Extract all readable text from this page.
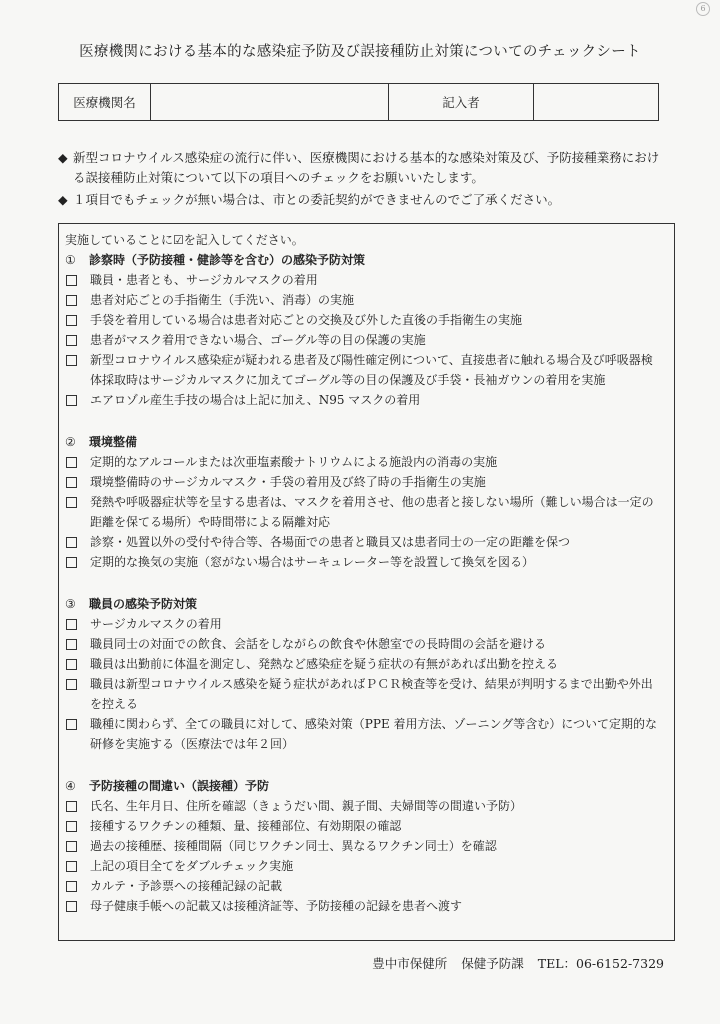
6
医療機関における基本的な感染症予防及び誤接種防止対策についてのチェックシート
医療機関名	記入者
◆ 新型コロナウイルス感染症の流行に伴い、医療機関における基本的な感染対策及び、予防接種業務における誤接種防止対策について以下の項目へのチェックをお願いいたします。
◆ １項目でもチェックが無い場合は、市との委託契約ができませんのでご了承ください。
実施していることに☑を記入してください。
①	診察時（予防接種・健診等を含む）の感染予防対策
職員・患者とも、サージカルマスクの着用
患者対応ごとの手指衛生（手洗い、消毒）の実施
手袋を着用している場合は患者対応ごとの交換及び外した直後の手指衛生の実施
患者がマスク着用できない場合、ゴーグル等の目の保護の実施
新型コロナウイルス感染症が疑われる患者及び陽性確定例について、直接患者に触れる場合及び呼吸器検体採取時はサージカルマスクに加えてゴーグル等の目の保護及び手袋・長袖ガウンの着用を実施
エアロゾル産生手技の場合は上記に加え、N95 マスクの着用
②	環境整備
定期的なアルコールまたは次亜塩素酸ナトリウムによる施設内の消毒の実施
環境整備時のサージカルマスク・手袋の着用及び終了時の手指衛生の実施
発熱や呼吸器症状等を呈する患者は、マスクを着用させ、他の患者と接しない場所（難しい場合は一定の距離を保てる場所）や時間帯による隔離対応
診察・処置以外の受付や待合等、各場面での患者と職員又は患者同士の一定の距離を保つ
定期的な換気の実施（窓がない場合はサーキュレーター等を設置して換気を図る）
③	職員の感染予防対策
サージカルマスクの着用
職員同士の対面での飲食、会話をしながらの飲食や休憩室での長時間の会話を避ける
職員は出勤前に体温を測定し、発熱など感染症を疑う症状の有無があれば出勤を控える
職員は新型コロナウイルス感染を疑う症状があればＰＣＲ検査等を受け、結果が判明するまで出勤や外出を控える
職種に関わらず、全ての職員に対して、感染対策（PPE 着用方法、ゾーニング等含む）について定期的な研修を実施する（医療法では年２回）
④	予防接種の間違い（誤接種）予防
氏名、生年月日、住所を確認（きょうだい間、親子間、夫婦間等の間違い予防）
接種するワクチンの種類、量、接種部位、有効期限の確認
過去の接種歴、接種間隔（同じワクチン同士、異なるワクチン同士）を確認
上記の項目全てをダブルチェック実施
カルテ・予診票への接種記録の記載
母子健康手帳への記載又は接種済証等、予防接種の記録を患者へ渡す
豊中市保健所 保健予防課 TEL：06-6152-7329
